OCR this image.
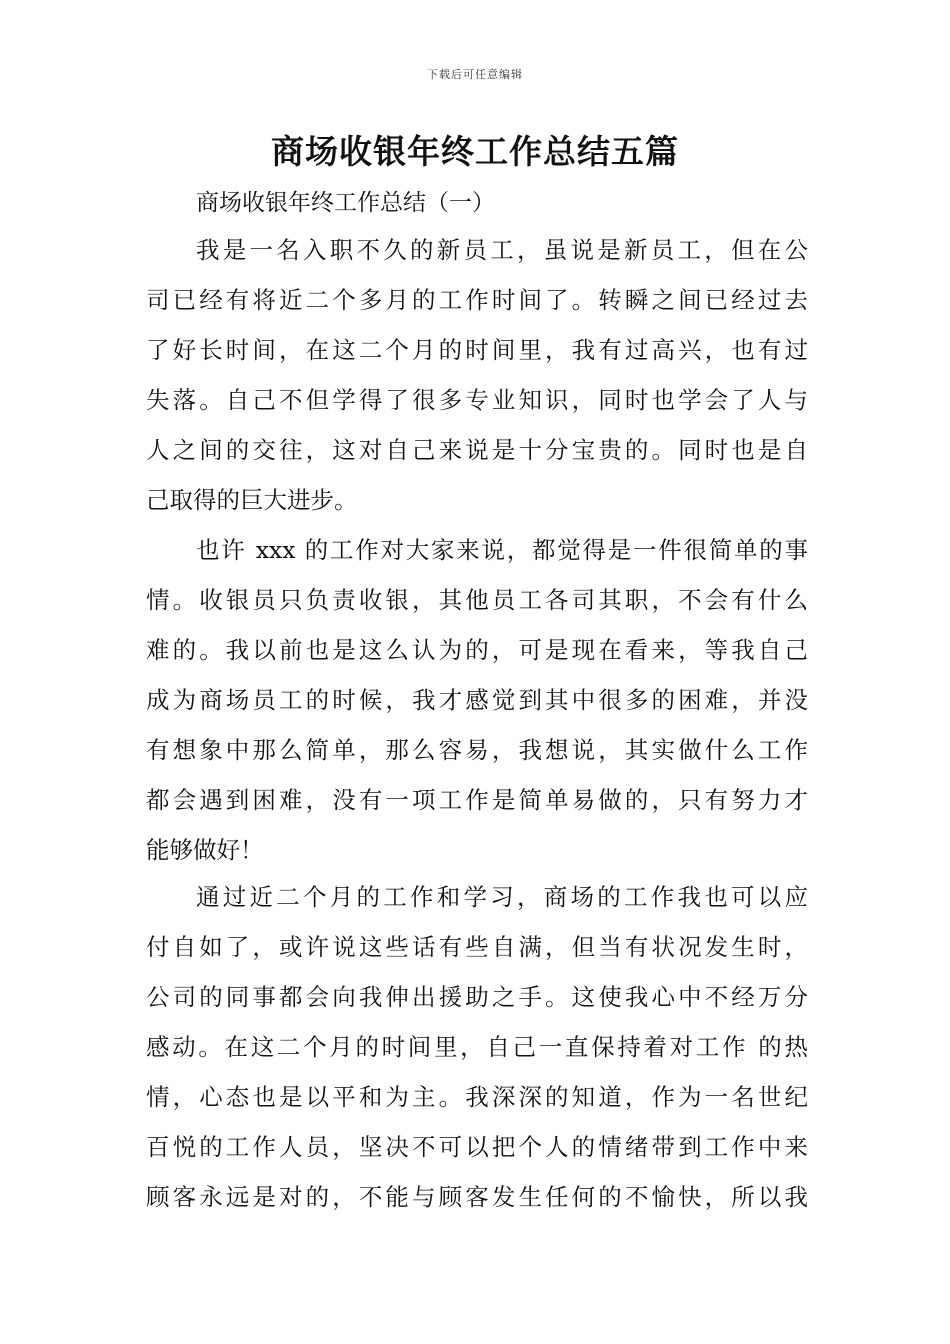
下载后可任意编辑
商场收银年终工作总结五篇
商场收银年终工作总结（一）
我是一名入职不久的新员工，虽说是新员工，但在公
司已经有将近二个多月的工作时间了。转瞬之间已经过去
了好长时间，在这二个月的时间里，我有过高兴，也有过
失落。自己不但学得了很多专业知识，同时也学会了人与
人之间的交往，这对自己来说是十分宝贵的。同时也是自
己取得的巨大进步。
也许 xxx 的工作对大家来说，都觉得是一件很简单的事
情。收银员只负责收银，其他员工各司其职，不会有什么
难的。我以前也是这么认为的，可是现在看来，等我自己
成为商场员工的时候，我才感觉到其中很多的困难，并没
有想象中那么简单，那么容易，我想说，其实做什么工作
都会遇到困难，没有一项工作是简单易做的，只有努力才
能够做好！
通过近二个月的工作和学习，商场的工作我也可以应
付自如了，或许说这些话有些自满，但当有状况发生时，
公司的同事都会向我伸出援助之手。这使我心中不经万分
感动。在这二个月的时间里，自己一直保持着对工作 的热
情，心态也是以平和为主。我深深的知道，作为一名世纪
百悦的工作人员，坚决不可以把个人的情绪带到工作中来
顾客永远是对的，不能与顾客发生任何的不愉快，所以我
